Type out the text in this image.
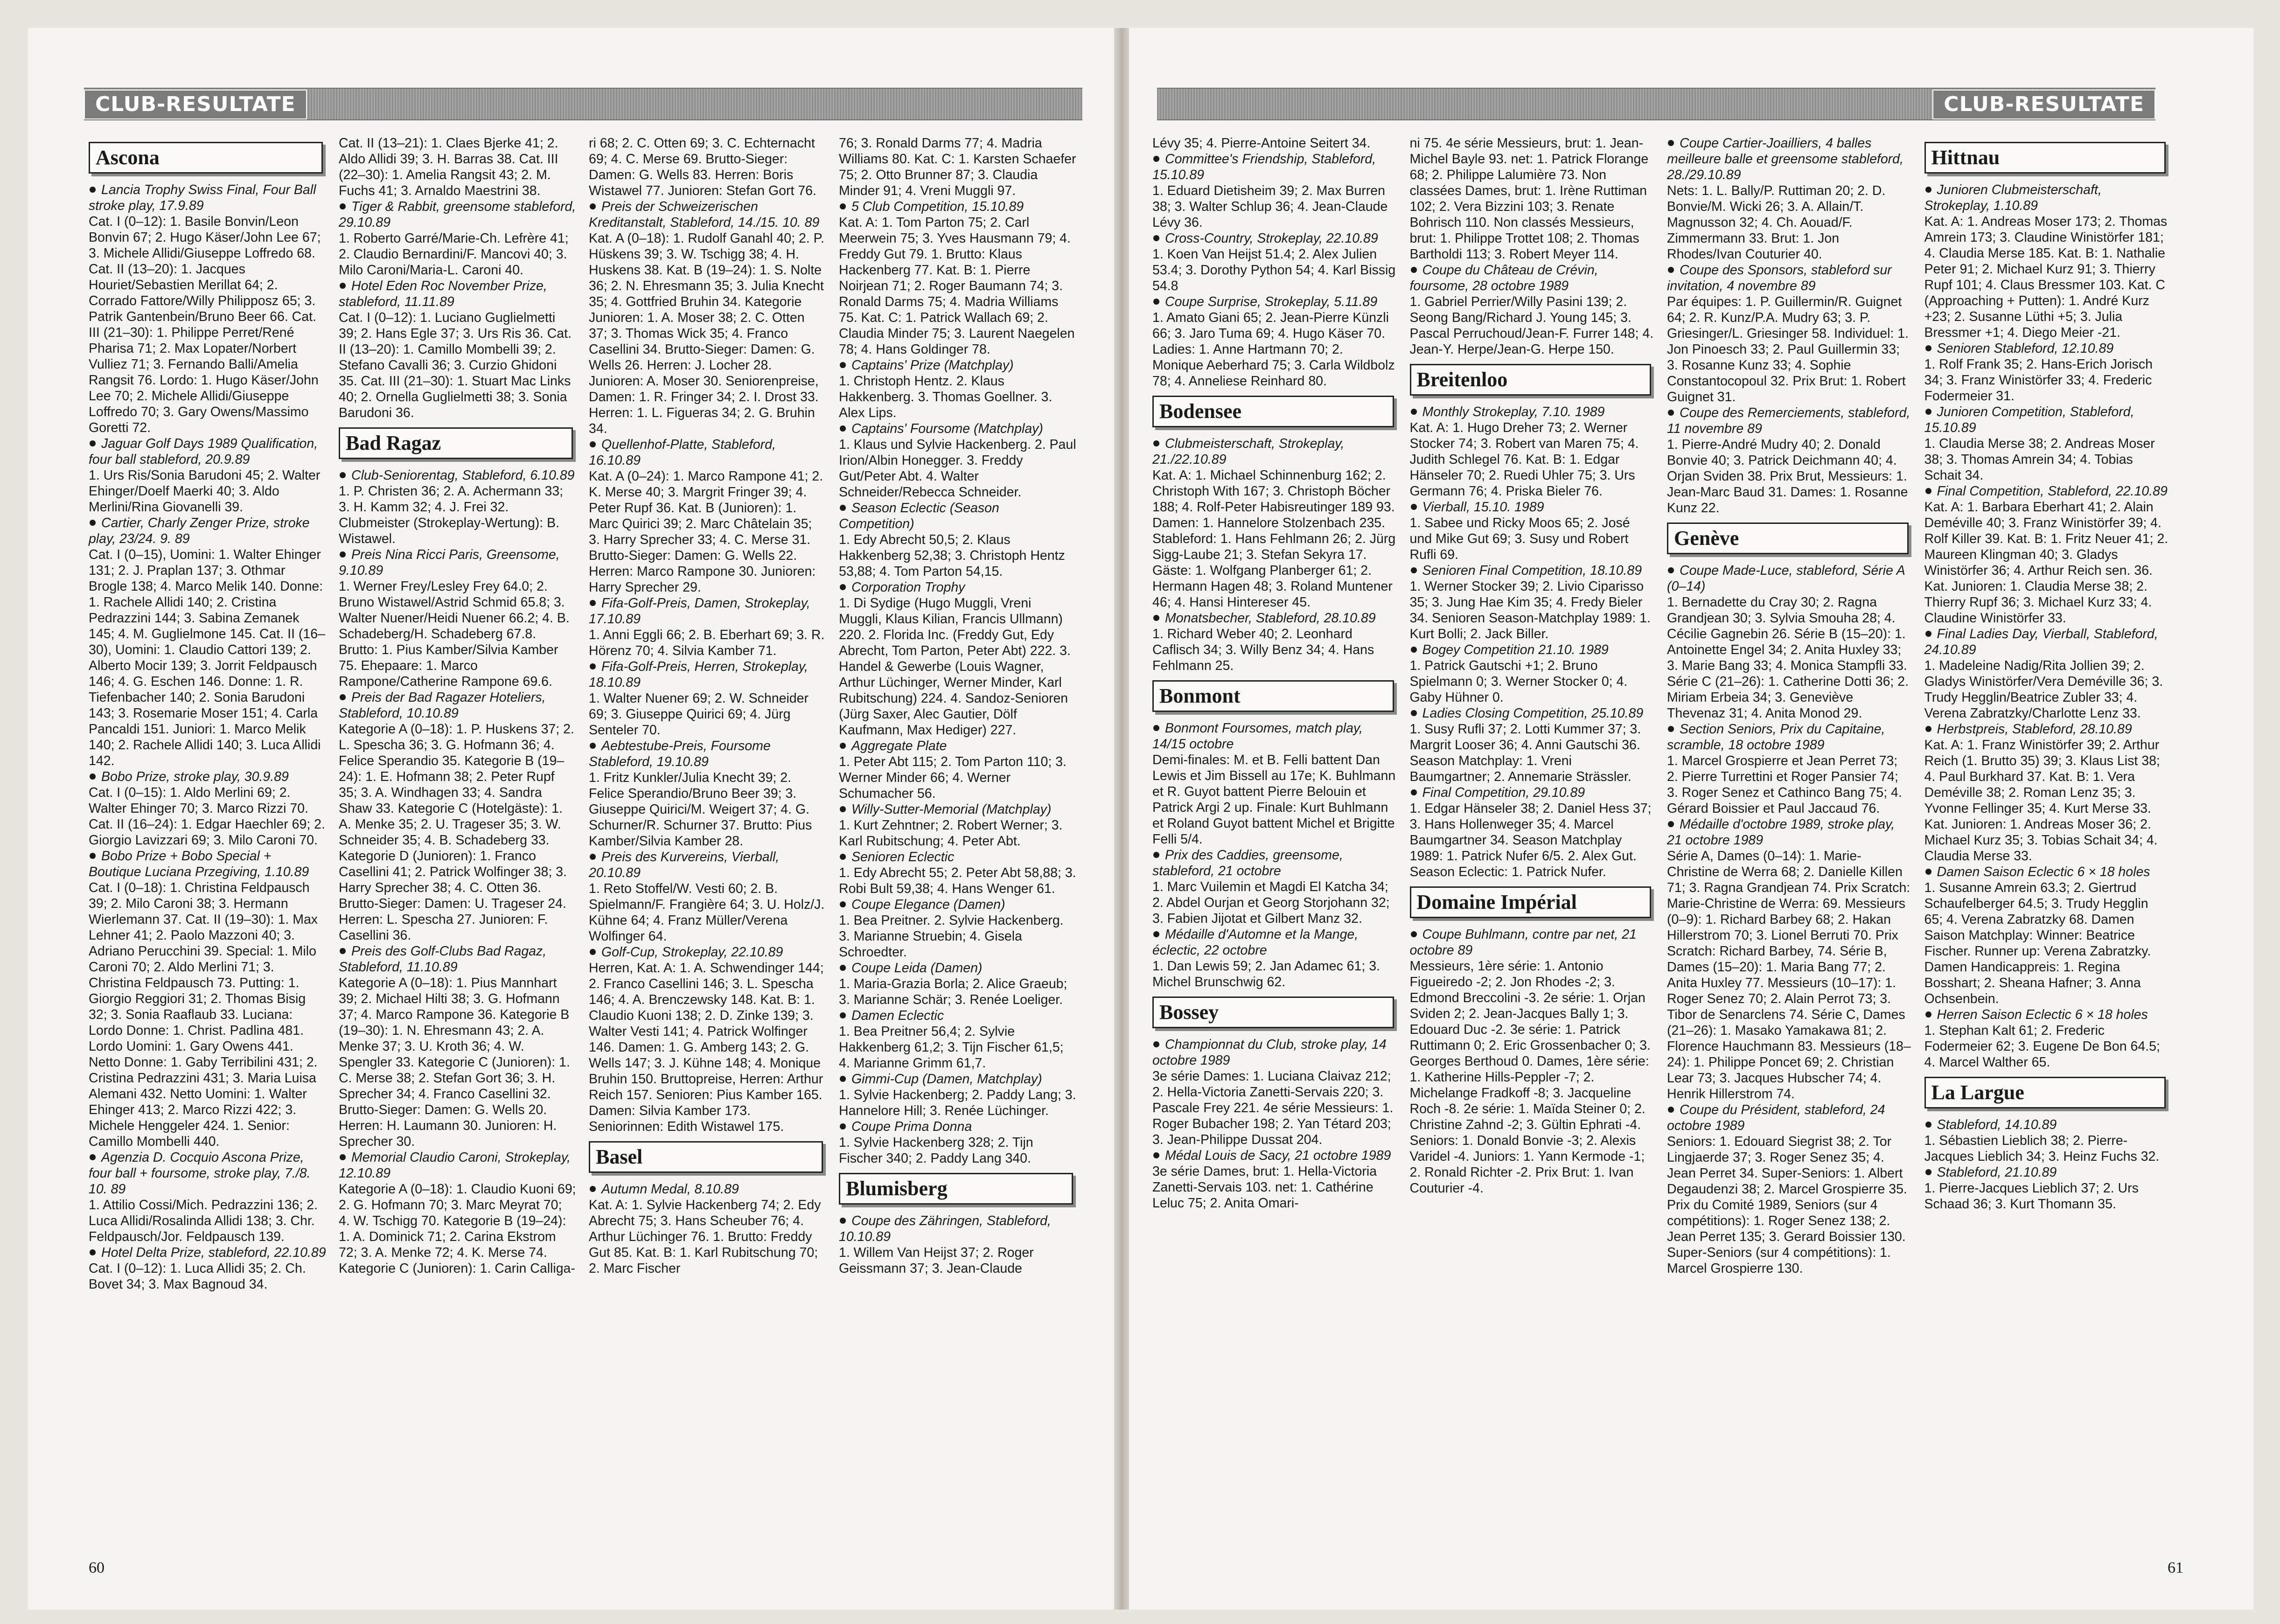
CLUB-RESULTATE
Ascona

Lancia Trophy Swiss Final, Four Ball stroke play, 17.9.89

Cat. I (0–12): 1. Basile Bonvin/Leon Bonvin 67; 2. Hugo Käser/John Lee 67; 3. Michele Allidi/Giuseppe Loffredo 68. Cat. II (13–20): 1. Jacques Houriet/Sebastien Merillat 64; 2. Corrado Fattore/Willy Philipposz 65; 3. Patrik Gantenbein/Bruno Beer 66. Cat. III (21–30): 1. Philippe Perret/René Pharisa 71; 2. Max Lopater/Norbert Vulliez 71; 3. Fernando Balli/Amelia Rangsit 76. Lordo: 1. Hugo Käser/John Lee 70; 2. Michele Allidi/Giuseppe Loffredo 70; 3. Gary Owens/Massimo Goretti 72.

Jaguar Golf Days 1989 Qualification, four ball stableford, 20.9.89

1. Urs Ris/Sonia Barudoni 45; 2. Walter Ehinger/Doelf Maerki 40; 3. Aldo Merlini/Rina Giovanelli 39.

Cartier, Charly Zenger Prize, stroke play, 23/24. 9. 89

Cat. I (0–15), Uomini: 1. Walter Ehinger 131; 2. J. Praplan 137; 3. Othmar Brogle 138; 4. Marco Melik 140. Donne: 1. Rachele Allidi 140; 2. Cristina Pedrazzini 144; 3. Sabina Zemanek 145; 4. M. Guglielmone 145. Cat. II (16–30), Uomini: 1. Claudio Cattori 139; 2. Alberto Mocir 139; 3. Jorrit Feldpausch 146; 4. G. Eschen 146. Donne: 1. R. Tiefenbacher 140; 2. Sonia Barudoni 143; 3. Rosemarie Moser 151; 4. Carla Pancaldi 151. Juniori: 1. Marco Melik 140; 2. Rachele Allidi 140; 3. Luca Allidi 142.

Bobo Prize, stroke play, 30.9.89

Cat. I (0–15): 1. Aldo Merlini 69; 2. Walter Ehinger 70; 3. Marco Rizzi 70. Cat. II (16–24): 1. Edgar Haechler 69; 2. Giorgio Lavizzari 69; 3. Milo Caroni 70.

Bobo Prize + Bobo Special + Boutique Luciana Przegiving, 1.10.89

Cat. I (0–18): 1. Christina Feldpausch 39; 2. Milo Caroni 38; 3. Hermann Wierlemann 37. Cat. II (19–30): 1. Max Lehner 41; 2. Paolo Mazzoni 40; 3. Adriano Perucchini 39. Special: 1. Milo Caroni 70; 2. Aldo Merlini 71; 3. Christina Feldpausch 73. Putting: 1. Giorgio Reggiori 31; 2. Thomas Bisig 32; 3. Sonia Raaflaub 33. Luciana: Lordo Donne: 1. Christ. Padlina 481. Lordo Uomini: 1. Gary Owens 441. Netto Donne: 1. Gaby Terribilini 431; 2. Cristina Pedrazzini 431; 3. Maria Luisa Alemani 432. Netto Uomini: 1. Walter Ehinger 413; 2. Marco Rizzi 422; 3. Michele Henggeler 424. 1. Senior: Camillo Mombelli 440.

Agenzia D. Cocquio Ascona Prize, four ball + foursome, stroke play, 7./8. 10. 89

1. Attilio Cossi/Mich. Pedrazzini 136; 2. Luca Allidi/Rosalinda Allidi 138; 3. Chr. Feldpausch/Jor. Feldpausch 139.

Hotel Delta Prize, stableford, 22.10.89

Cat. I (0–12): 1. Luca Allidi 35; 2. Ch. Bovet 34; 3. Max Bagnoud 34.

Cat. II (13–21): 1. Claes Bjerke 41; 2. Aldo Allidi 39; 3. H. Barras 38. Cat. III (22–30): 1. Amelia Rangsit 43; 2. M. Fuchs 41; 3. Arnaldo Maestrini 38.

Tiger & Rabbit, greensome stableford, 29.10.89

1. Roberto Garré/Marie-Ch. Lefrère 41; 2. Claudio Bernardini/F. Mancovi 40; 3. Milo Caroni/Maria-L. Caroni 40.

Hotel Eden Roc November Prize, stableford, 11.11.89

Cat. I (0–12): 1. Luciano Guglielmetti 39; 2. Hans Egle 37; 3. Urs Ris 36. Cat. II (13–20): 1. Camillo Mombelli 39; 2. Stefano Cavalli 36; 3. Curzio Ghidoni 35. Cat. III (21–30): 1. Stuart Mac Links 40; 2. Ornella Guglielmetti 38; 3. Sonia Barudoni 36.

Bad Ragaz

Club-Seniorentag, Stableford, 6.10.89

1. P. Christen 36; 2. A. Achermann 33; 3. H. Kamm 32; 4. J. Frei 32. Clubmeister (Strokeplay-Wertung): B. Wistawel.

Preis Nina Ricci Paris, Greensome, 9.10.89

1. Werner Frey/Lesley Frey 64.0; 2. Bruno Wistawel/Astrid Schmid 65.8; 3. Walter Nuener/Heidi Nuener 66.2; 4. B. Schadeberg/H. Schadeberg 67.8. Brutto: 1. Pius Kamber/Silvia Kamber 75. Ehepaare: 1. Marco Rampone/Catherine Rampone 69.6.

Preis der Bad Ragazer Hoteliers, Stableford, 10.10.89

Kategorie A (0–18): 1. P. Huskens 37; 2. L. Spescha 36; 3. G. Hofmann 36; 4. Felice Sperandio 35. Kategorie B (19–24): 1. E. Hofmann 38; 2. Peter Rupf 35; 3. A. Windhagen 33; 4. Sandra Shaw 33. Kategorie C (Hotelgäste): 1. A. Menke 35; 2. U. Trageser 35; 3. W. Schneider 35; 4. B. Schadeberg 33. Kategorie D (Junioren): 1. Franco Casellini 41; 2. Patrick Wolfinger 38; 3. Harry Sprecher 38; 4. C. Otten 36. Brutto-Sieger: Damen: U. Trageser 24. Herren: L. Spescha 27. Junioren: F. Casellini 36.

Preis des Golf-Clubs Bad Ragaz, Stableford, 11.10.89

Kategorie A (0–18): 1. Pius Mannhart 39; 2. Michael Hilti 38; 3. G. Hofmann 37; 4. Marco Rampone 36. Kategorie B (19–30): 1. N. Ehresmann 43; 2. A. Menke 37; 3. U. Kroth 36; 4. W. Spengler 33. Kategorie C (Junioren): 1. C. Merse 38; 2. Stefan Gort 36; 3. H. Sprecher 34; 4. Franco Casellini 32. Brutto-Sieger: Damen: G. Wells 20. Herren: H. Laumann 30. Junioren: H. Sprecher 30.

Memorial Claudio Caroni, Strokeplay, 12.10.89

Kategorie A (0–18): 1. Claudio Kuoni 69; 2. G. Hofmann 70; 3. Marc Meyrat 70; 4. W. Tschigg 70. Kategorie B (19–24): 1. A. Dominick 71; 2. Carina Ekstrom 72; 3. A. Menke 72; 4. K. Merse 74. Kategorie C (Junioren): 1. Carin Calliga-

ri 68; 2. C. Otten 69; 3. C. Echternacht 69; 4. C. Merse 69. Brutto-Sieger: Damen: G. Wells 83. Herren: Boris Wistawel 77. Junioren: Stefan Gort 76.

Preis der Schweizerischen Kreditanstalt, Stableford, 14./15. 10. 89

Kat. A (0–18): 1. Rudolf Ganahl 40; 2. P. Hüskens 39; 3. W. Tschigg 38; 4. H. Huskens 38. Kat. B (19–24): 1. S. Nolte 36; 2. N. Ehresmann 35; 3. Julia Knecht 35; 4. Gottfried Bruhin 34. Kategorie Junioren: 1. A. Moser 38; 2. C. Otten 37; 3. Thomas Wick 35; 4. Franco Casellini 34. Brutto-Sieger: Damen: G. Wells 26. Herren: J. Locher 28. Junioren: A. Moser 30. Seniorenpreise, Damen: 1. R. Fringer 34; 2. I. Drost 33. Herren: 1. L. Figueras 34; 2. G. Bruhin 34.

Quellenhof-Platte, Stableford, 16.10.89

Kat. A (0–24): 1. Marco Rampone 41; 2. K. Merse 40; 3. Margrit Fringer 39; 4. Peter Rupf 36. Kat. B (Junioren): 1. Marc Quirici 39; 2. Marc Châtelain 35; 3. Harry Sprecher 33; 4. C. Merse 31. Brutto-Sieger: Damen: G. Wells 22. Herren: Marco Rampone 30. Junioren: Harry Sprecher 29.

Fifa-Golf-Preis, Damen, Strokeplay, 17.10.89

1. Anni Eggli 66; 2. B. Eberhart 69; 3. R. Hörenz 70; 4. Silvia Kamber 71.

Fifa-Golf-Preis, Herren, Strokeplay, 18.10.89

1. Walter Nuener 69; 2. W. Schneider 69; 3. Giuseppe Quirici 69; 4. Jürg Senteler 70.

Aebtestube-Preis, Foursome Stableford, 19.10.89

1. Fritz Kunkler/Julia Knecht 39; 2. Felice Sperandio/Bruno Beer 39; 3. Giuseppe Quirici/M. Weigert 37; 4. G. Schurner/R. Schurner 37. Brutto: Pius Kamber/Silvia Kamber 28.

Preis des Kurvereins, Vierball, 20.10.89

1. Reto Stoffel/W. Vesti 60; 2. B. Spielmann/F. Frangière 64; 3. U. Holz/J. Kühne 64; 4. Franz Müller/Verena Wolfinger 64.

Golf-Cup, Strokeplay, 22.10.89

Herren, Kat. A: 1. A. Schwendinger 144; 2. Franco Casellini 146; 3. L. Spescha 146; 4. A. Brenczewsky 148. Kat. B: 1. Claudio Kuoni 138; 2. D. Zinke 139; 3. Walter Vesti 141; 4. Patrick Wolfinger 146. Damen: 1. G. Amberg 143; 2. G. Wells 147; 3. J. Kühne 148; 4. Monique Bruhin 150. Bruttopreise, Herren: Arthur Reich 157. Senioren: Pius Kamber 165. Damen: Silvia Kamber 173. Seniorinnen: Edith Wistawel 175.

Basel

Autumn Medal, 8.10.89

Kat. A: 1. Sylvie Hackenberg 74; 2. Edy Abrecht 75; 3. Hans Scheuber 76; 4. Arthur Lüchinger 76. 1. Brutto: Freddy Gut 85. Kat. B: 1. Karl Rubitschung 70; 2. Marc Fischer

76; 3. Ronald Darms 77; 4. Madria Williams 80. Kat. C: 1. Karsten Schaefer 75; 2. Otto Brunner 87; 3. Claudia Minder 91; 4. Vreni Muggli 97.

5 Club Competition, 15.10.89

Kat. A: 1. Tom Parton 75; 2. Carl Meerwein 75; 3. Yves Hausmann 79; 4. Freddy Gut 79. 1. Brutto: Klaus Hackenberg 77. Kat. B: 1. Pierre Noirjean 71; 2. Roger Baumann 74; 3. Ronald Darms 75; 4. Madria Williams 75. Kat. C: 1. Patrick Wallach 69; 2. Claudia Minder 75; 3. Laurent Naegelen 78; 4. Hans Goldinger 78.

Captains' Prize (Matchplay)

1. Christoph Hentz. 2. Klaus Hakkenberg. 3. Thomas Goellner. 3. Alex Lips.

Captains' Foursome (Matchplay)

1. Klaus und Sylvie Hackenberg. 2. Paul Irion/Albin Honegger. 3. Freddy Gut/Peter Abt. 4. Walter Schneider/Rebecca Schneider.

Season Eclectic (Season Competition)

1. Edy Abrecht 50,5; 2. Klaus Hakkenberg 52,38; 3. Christoph Hentz 53,88; 4. Tom Parton 54,15.

Corporation Trophy

1. Di Sydige (Hugo Muggli, Vreni Muggli, Klaus Kilian, Francis Ullmann) 220. 2. Florida Inc. (Freddy Gut, Edy Abrecht, Tom Parton, Peter Abt) 222. 3. Handel & Gewerbe (Louis Wagner, Arthur Lüchinger, Werner Minder, Karl Rubitschung) 224. 4. Sandoz-Senioren (Jürg Saxer, Alec Gautier, Dölf Kaufmann, Max Hediger) 227.

Aggregate Plate

1. Peter Abt 115; 2. Tom Parton 110; 3. Werner Minder 66; 4. Werner Schumacher 56.

Willy-Sutter-Memorial (Matchplay)

1. Kurt Zehntner; 2. Robert Werner; 3. Karl Rubitschung; 4. Peter Abt.

Senioren Eclectic

1. Edy Abrecht 55; 2. Peter Abt 58,88; 3. Robi Bult 59,38; 4. Hans Wenger 61.

Coupe Elegance (Damen)

1. Bea Preitner. 2. Sylvie Hackenberg. 3. Marianne Struebin; 4. Gisela Schroedter.

Coupe Leida (Damen)

1. Maria-Grazia Borla; 2. Alice Graeub; 3. Marianne Schär; 3. Renée Loeliger.

Damen Eclectic

1. Bea Preitner 56,4; 2. Sylvie Hakkenberg 61,2; 3. Tijn Fischer 61,5; 4. Marianne Grimm 61,7.

Gimmi-Cup (Damen, Matchplay)

1. Sylvie Hackenberg; 2. Paddy Lang; 3. Hannelore Hill; 3. Renée Lüchinger.

Coupe Prima Donna

1. Sylvie Hackenberg 328; 2. Tijn Fischer 340; 2. Paddy Lang 340.

Blumisberg

Coupe des Zähringen, Stableford, 10.10.89

1. Willem Van Heijst 37; 2. Roger Geissmann 37; 3. Jean-Claude

60
CLUB-RESULTATE

Lévy 35; 4. Pierre-Antoine Seitert 34.

Committee's Friendship, Stableford, 15.10.89

1. Eduard Dietisheim 39; 2. Max Burren 38; 3. Walter Schlup 36; 4. Jean-Claude Lévy 36.

Cross-Country, Strokeplay, 22.10.89

1. Koen Van Heijst 51.4; 2. Alex Julien 53.4; 3. Dorothy Python 54; 4. Karl Bissig 54.8

Coupe Surprise, Strokeplay, 5.11.89

1. Amato Giani 65; 2. Jean-Pierre Künzli 66; 3. Jaro Tuma 69; 4. Hugo Käser 70. Ladies: 1. Anne Hartmann 70; 2. Monique Aeberhard 75; 3. Carla Wildbolz 78; 4. Anneliese Reinhard 80.

Bodensee

Clubmeisterschaft, Strokeplay, 21./22.10.89

Kat. A: 1. Michael Schinnenburg 162; 2. Christoph With 167; 3. Christoph Böcher 188; 4. Rolf-Peter Habisreutinger 189 93. Damen: 1. Hannelore Stolzenbach 235. Stableford: 1. Hans Fehlmann 26; 2. Jürg Sigg-Laube 21; 3. Stefan Sekyra 17. Gäste: 1. Wolfgang Planberger 61; 2. Hermann Hagen 48; 3. Roland Muntener 46; 4. Hansi Hintereser 45.

Monatsbecher, Stableford, 28.10.89

1. Richard Weber 40; 2. Leonhard Caflisch 34; 3. Willy Benz 34; 4. Hans Fehlmann 25.

Bonmont

Bonmont Foursomes, match play, 14/15 octobre

Demi-finales: M. et B. Felli battent Dan Lewis et Jim Bissell au 17e; K. Buhlmann et R. Guyot battent Pierre Belouin et Patrick Argi 2 up. Finale: Kurt Buhlmann et Roland Guyot battent Michel et Brigitte Felli 5/4.

Prix des Caddies, greensome, stableford, 21 octobre

1. Marc Vuilemin et Magdi El Katcha 34; 2. Abdel Ourjan et Georg Storjohann 32; 3. Fabien Jijotat et Gilbert Manz 32.

Médaille d'Automne et la Mange, éclectic, 22 octobre

1. Dan Lewis 59; 2. Jan Adamec 61; 3. Michel Brunschwig 62.

Bossey

Championnat du Club, stroke play, 14 octobre 1989

3e série Dames: 1. Luciana Claivaz 212; 2. Hella-Victoria Zanetti-Servais 220; 3. Pascale Frey 221. 4e série Messieurs: 1. Roger Bubacher 198; 2. Yan Tétard 203; 3. Jean-Philippe Dussat 204.

Médal Louis de Sacy, 21 octobre 1989

3e série Dames, brut: 1. Hella-Victoria Zanetti-Servais 103. net: 1. Cathérine Leluc 75; 2. Anita Omari-

ni 75. 4e série Messieurs, brut: 1. Jean-Michel Bayle 93. net: 1. Patrick Florange 68; 2. Philippe Lalumière 73. Non classées Dames, brut: 1. Irène Ruttiman 102; 2. Vera Bizzini 103; 3. Renate Bohrisch 110. Non classés Messieurs, brut: 1. Philippe Trottet 108; 2. Thomas Bartholdi 113; 3. Robert Meyer 114.

Coupe du Château de Crévin, foursome, 28 octobre 1989

1. Gabriel Perrier/Willy Pasini 139; 2. Seong Bang/Richard J. Young 145; 3. Pascal Perruchoud/Jean-F. Furrer 148; 4. Jean-Y. Herpe/Jean-G. Herpe 150.

Breitenloo

Monthly Strokeplay, 7.10. 1989

Kat. A: 1. Hugo Dreher 73; 2. Werner Stocker 74; 3. Robert van Maren 75; 4. Judith Schlegel 76. Kat. B: 1. Edgar Hänseler 70; 2. Ruedi Uhler 75; 3. Urs Germann 76; 4. Priska Bieler 76.

Vierball, 15.10. 1989

1. Sabee und Ricky Moos 65; 2. José und Mike Gut 69; 3. Susy und Robert Rufli 69.

Senioren Final Competition, 18.10.89

1. Werner Stocker 39; 2. Livio Ciparisso 35; 3. Jung Hae Kim 35; 4. Fredy Bieler 34. Senioren Season-Matchplay 1989: 1. Kurt Bolli; 2. Jack Biller.

Bogey Competition 21.10. 1989

1. Patrick Gautschi +1; 2. Bruno Spielmann 0; 3. Werner Stocker 0; 4. Gaby Hühner 0.

Ladies Closing Competition, 25.10.89

1. Susy Rufli 37; 2. Lotti Kummer 37; 3. Margrit Looser 36; 4. Anni Gautschi 36. Season Matchplay: 1. Vreni Baumgartner; 2. Annemarie Strässler.

Final Competition, 29.10.89

1. Edgar Hänseler 38; 2. Daniel Hess 37; 3. Hans Hollenweger 35; 4. Marcel Baumgartner 34. Season Matchplay 1989: 1. Patrick Nufer 6/5. 2. Alex Gut. Season Eclectic: 1. Patrick Nufer.

Domaine Impérial

Coupe Buhlmann, contre par net, 21 octobre 89

Messieurs, 1ère série: 1. Antonio Figueiredo -2; 2. Jon Rhodes -2; 3. Edmond Breccolini -3. 2e série: 1. Orjan Sviden 2; 2. Jean-Jacques Bally 1; 3. Edouard Duc -2. 3e série: 1. Patrick Ruttimann 0; 2. Eric Grossenbacher 0; 3. Georges Berthoud 0. Dames, 1ère série: 1. Katherine Hills-Peppler -7; 2. Michelange Fradkoff -8; 3. Jacqueline Roch -8. 2e série: 1. Maïda Steiner 0; 2. Christine Zahnd -2; 3. Gültin Ephrati -4. Seniors: 1. Donald Bonvie -3; 2. Alexis Varidel -4. Juniors: 1. Yann Kermode -1; 2. Ronald Richter -2. Prix Brut: 1. Ivan Couturier -4.

Coupe Cartier-Joailliers, 4 balles meilleure balle et greensome stableford, 28./29.10.89

Nets: 1. L. Bally/P. Ruttiman 20; 2. D. Bonvie/M. Wicki 26; 3. A. Allain/T. Magnusson 32; 4. Ch. Aouad/F. Zimmermann 33. Brut: 1. Jon Rhodes/Ivan Couturier 40.

Coupe des Sponsors, stableford sur invitation, 4 novembre 89

Par équipes: 1. P. Guillermin/R. Guignet 64; 2. R. Kunz/P.A. Mudry 63; 3. P. Griesinger/L. Griesinger 58. Individuel: 1. Jon Pinoesch 33; 2. Paul Guillermin 33; 3. Rosanne Kunz 33; 4. Sophie Constantocopoul 32. Prix Brut: 1. Robert Guignet 31.

Coupe des Remerciements, stableford, 11 novembre 89

1. Pierre-André Mudry 40; 2. Donald Bonvie 40; 3. Patrick Deichmann 40; 4. Orjan Sviden 38. Prix Brut, Messieurs: 1. Jean-Marc Baud 31. Dames: 1. Rosanne Kunz 22.

Genève

Coupe Made-Luce, stableford, Série A (0–14)

1. Bernadette du Cray 30; 2. Ragna Grandjean 30; 3. Sylvia Smouha 28; 4. Cécilie Gagnebin 26. Série B (15–20): 1. Antoinette Engel 34; 2. Anita Huxley 33; 3. Marie Bang 33; 4. Monica Stampfli 33. Série C (21–26): 1. Catherine Dotti 36; 2. Miriam Erbeia 34; 3. Geneviève Thevenaz 31; 4. Anita Monod 29.

Section Seniors, Prix du Capitaine, scramble, 18 octobre 1989

1. Marcel Grospierre et Jean Perret 73; 2. Pierre Turrettini et Roger Pansier 74; 3. Roger Senez et Cathinco Bang 75; 4. Gérard Boissier et Paul Jaccaud 76.

Médaille d'octobre 1989, stroke play, 21 octobre 1989

Série A, Dames (0–14): 1. Marie-Christine de Werra 68; 2. Danielle Killen 71; 3. Ragna Grandjean 74. Prix Scratch: Marie-Christine de Werra: 69. Messieurs (0–9): 1. Richard Barbey 68; 2. Hakan Hillerstrom 70; 3. Lionel Berruti 70. Prix Scratch: Richard Barbey, 74. Série B, Dames (15–20): 1. Maria Bang 77; 2. Anita Huxley 77. Messieurs (10–17): 1. Roger Senez 70; 2. Alain Perrot 73; 3. Tibor de Senarclens 74. Série C, Dames (21–26): 1. Masako Yamakawa 81; 2. Florence Hauchmann 83. Messieurs (18–24): 1. Philippe Poncet 69; 2. Christian Lear 73; 3. Jacques Hubscher 74; 4. Henrik Hillerstrom 74.

Coupe du Président, stableford, 24 octobre 1989

Seniors: 1. Edouard Siegrist 38; 2. Tor Lingjaerde 37; 3. Roger Senez 35; 4. Jean Perret 34. Super-Seniors: 1. Albert Degaudenzi 38; 2. Marcel Grospierre 35. Prix du Comité 1989, Seniors (sur 4 compétitions): 1. Roger Senez 138; 2. Jean Perret 135; 3. Gerard Boissier 130. Super-Seniors (sur 4 compétitions): 1. Marcel Grospierre 130.

Hittnau

Junioren Clubmeisterschaft, Strokeplay, 1.10.89

Kat. A: 1. Andreas Moser 173; 2. Thomas Amrein 173; 3. Claudine Winistörfer 181; 4. Claudia Merse 185. Kat. B: 1. Nathalie Peter 91; 2. Michael Kurz 91; 3. Thierry Rupf 101; 4. Claus Bressmer 103. Kat. C (Approaching + Putten): 1. André Kurz +23; 2. Susanne Lüthi +5; 3. Julia Bressmer +1; 4. Diego Meier -21.

Senioren Stableford, 12.10.89

1. Rolf Frank 35; 2. Hans-Erich Jorisch 34; 3. Franz Winistörfer 33; 4. Frederic Fodermeier 31.

Junioren Competition, Stableford, 15.10.89

1. Claudia Merse 38; 2. Andreas Moser 38; 3. Thomas Amrein 34; 4. Tobias Schait 34.

Final Competition, Stableford, 22.10.89

Kat. A: 1. Barbara Eberhart 41; 2. Alain Deméville 40; 3. Franz Winistörfer 39; 4. Rolf Killer 39. Kat. B: 1. Fritz Neuer 41; 2. Maureen Klingman 40; 3. Gladys Winistörfer 36; 4. Arthur Reich sen. 36. Kat. Junioren: 1. Claudia Merse 38; 2. Thierry Rupf 36; 3. Michael Kurz 33; 4. Claudine Winistörfer 33.

Final Ladies Day, Vierball, Stableford, 24.10.89

1. Madeleine Nadig/Rita Jollien 39; 2. Gladys Winistörfer/Vera Deméville 36; 3. Trudy Hegglin/Beatrice Zubler 33; 4. Verena Zabratzky/Charlotte Lenz 33.

Herbstpreis, Stableford, 28.10.89

Kat. A: 1. Franz Winistörfer 39; 2. Arthur Reich (1. Brutto 35) 39; 3. Klaus List 38; 4. Paul Burkhard 37. Kat. B: 1. Vera Deméville 38; 2. Roman Lenz 35; 3. Yvonne Fellinger 35; 4. Kurt Merse 33. Kat. Junioren: 1. Andreas Moser 36; 2. Michael Kurz 35; 3. Tobias Schait 34; 4. Claudia Merse 33.

Damen Saison Eclectic 6 × 18 holes

1. Susanne Amrein 63.3; 2. Giertrud Schaufelberger 64.5; 3. Trudy Hegglin 65; 4. Verena Zabratzky 68. Damen Saison Matchplay: Winner: Beatrice Fischer. Runner up: Verena Zabratzky. Damen Handicappreis: 1. Regina Bosshart; 2. Sheana Hafner; 3. Anna Ochsenbein.

Herren Saison Eclectic 6 × 18 holes

1. Stephan Kalt 61; 2. Frederic Fodermeier 62; 3. Eugene De Bon 64.5; 4. Marcel Walther 65.

La Largue

Stableford, 14.10.89

1. Sébastien Lieblich 38; 2. Pierre-Jacques Lieblich 34; 3. Heinz Fuchs 32.

Stableford, 21.10.89

1. Pierre-Jacques Lieblich 37; 2. Urs Schaad 36; 3. Kurt Thomann 35.

61
